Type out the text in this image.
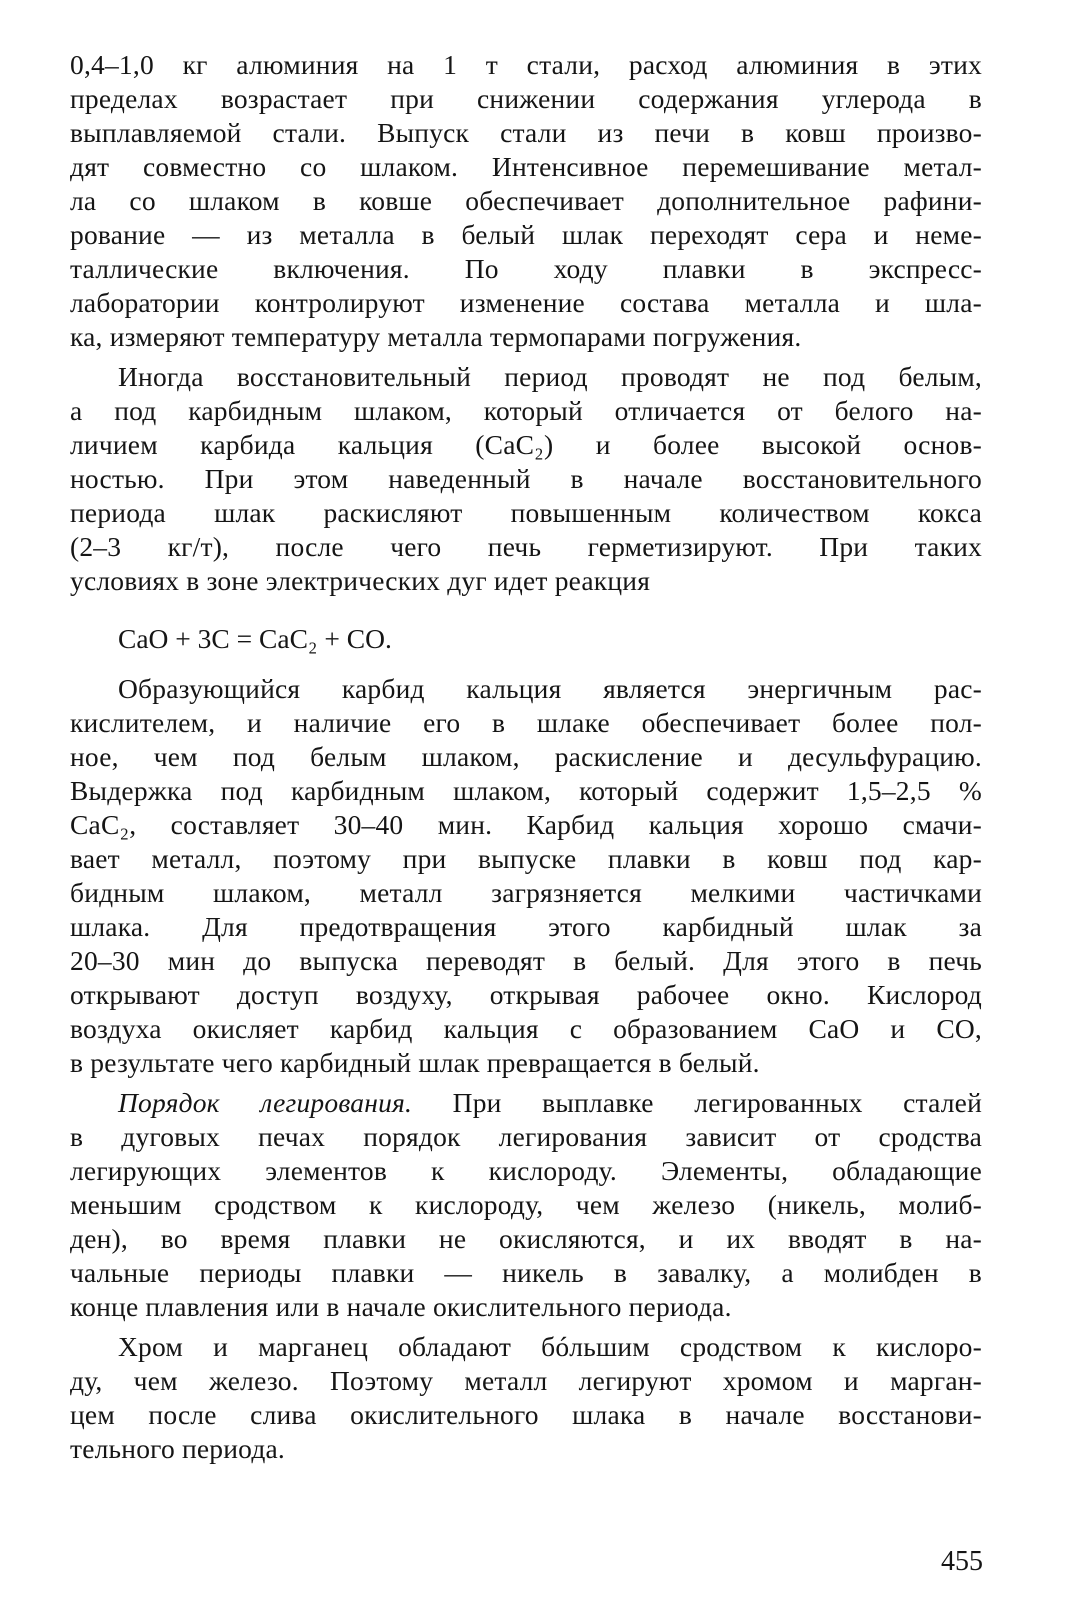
0,4–1,0 кг алюминия на 1 т стали, расход алюминия в этих
пределах возрастает при снижении содержания углерода в
выплавляемой стали. Выпуск стали из печи в ковш произво-
дят совместно со шлаком. Интенсивное перемешивание метал-
ла со шлаком в ковше обеспечивает дополнительное рафини-
рование — из металла в белый шлак переходят сера и неме-
таллические включения. По ходу плавки в экспресс-
лаборатории контролируют изменение состава металла и шла-
ка, измеряют температуру металла термопарами погружения.
Иногда восстановительный период проводят не под белым,
а под карбидным шлаком, который отличается от белого на-
личием карбида кальция (CaC₂) и более высокой основ-
ностью. При этом наведенный в начале восстановительного
периода шлак раскисляют повышенным количеством кокса
(2–3 кг/т), после чего печь герметизируют. При таких
условиях в зоне электрических дуг идет реакция
CaO + 3C = CaC₂ + CO.
Образующийся карбид кальция является энергичным рас-
кислителем, и наличие его в шлаке обеспечивает более пол-
ное, чем под белым шлаком, раскисление и десульфурацию.
Выдержка под карбидным шлаком, который содержит 1,5–2,5 %
CaC₂, составляет 30–40 мин. Карбид кальция хорошо смачи-
вает металл, поэтому при выпуске плавки в ковш под кар-
бидным шлаком, металл загрязняется мелкими частичками
шлака. Для предотвращения этого карбидный шлак за
20–30 мин до выпуска переводят в белый. Для этого в печь
открывают доступ воздуху, открывая рабочее окно. Кислород
воздуха окисляет карбид кальция с образованием CaO и CO,
в результате чего карбидный шлак превращается в белый.
Порядок легирования. При выплавке легированных сталей
в дуговых печах порядок легирования зависит от сродства
легирующих элементов к кислороду. Элементы, обладающие
меньшим сродством к кислороду, чем железо (никель, молиб-
ден), во время плавки не окисляются, и их вводят в на-
чальные периоды плавки — никель в завалку, а молибден в
конце плавления или в начале окислительного периода.
Хром и марганец обладают бóльшим сродством к кислоро-
ду, чем железо. Поэтому металл легируют хромом и марган-
цем после слива окислительного шлака в начале восстанови-
тельного периода.
455
